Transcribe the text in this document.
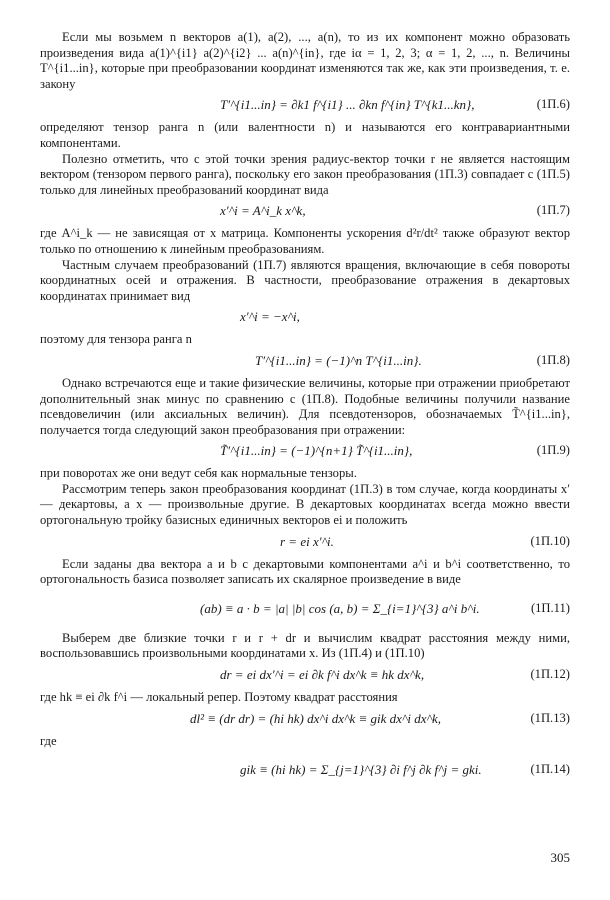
Если мы возьмем n векторов a(1), a(2), ..., a(n), то из их компонент можно образовать произведения вида a(1)^{i1} a(2)^{i2} ... a(n)^{in}, где iα = 1, 2, 3; α = 1, 2, ..., n. Величины T^{i1...in}, которые при преобразовании координат изменяются так же, как эти произведения, т. е. закону

T′^{i1...in} = ∂k1 f^{i1} ... ∂kn f^{in} T^{k1...kn},	(1П.6)

определяют тензор ранга n (или валентности n) и называются его контравариантными компонентами.

Полезно отметить, что с этой точки зрения радиус-вектор точки r не является настоящим вектором (тензором первого ранга), поскольку его закон преобразования (1П.3) совпадает с (1П.5) только для линейных преобразований координат вида

x′^i = A^i_k x^k,	(1П.7)

где A^i_k — не зависящая от x матрица. Компоненты ускорения d²r/dt² также образуют вектор только по отношению к линейным преобразованиям.

Частным случаем преобразований (1П.7) являются вращения, включающие в себя повороты координатных осей и отражения. В частности, преобразование отражения в декартовых координатах принимает вид

x′^i = −x^i,

поэтому для тензора ранга n

T′^{i1...in} = (−1)^n T^{i1...in}.	(1П.8)

Однако встречаются еще и такие физические величины, которые при отражении приобретают дополнительный знак минус по сравнению с (1П.8). Подобные величины получили название псевдовеличин (или аксиальных величин). Для псевдотензоров, обозначаемых T̃^{i1...in}, получается тогда следующий закон преобразования при отражении:

T̃′^{i1...in} = (−1)^{n+1} T̃^{i1...in},	(1П.9)

при поворотах же они ведут себя как нормальные тензоры.

Рассмотрим теперь закон преобразования координат (1П.3) в том случае, когда координаты x′ — декартовы, а x — произвольные другие. В декартовых координатах всегда можно ввести ортогональную тройку базисных единичных векторов ei и положить

r = ei x′^i.	(1П.10)

Если заданы два вектора a и b с декартовыми компонентами a^i и b^i соответственно, то ортогональность базиса позволяет записать их скалярное произведение в виде

(ab) ≡ a · b = |a| |b| cos (a, b) = Σ_{i=1}^{3} a^i b^i.	(1П.11)

Выберем две близкие точки r и r + dr и вычислим квадрат расстояния между ними, воспользовавшись произвольными координатами x. Из (1П.4) и (1П.10)

dr = ei dx′^i = ei ∂k f^i dx^k ≡ hk dx^k,	(1П.12)

где hk ≡ ei ∂k f^i — локальный репер. Поэтому квадрат расстояния

dl² ≡ (dr dr) = (hi hk) dx^i dx^k ≡ gik dx^i dx^k,	(1П.13)

где

gik ≡ (hi hk) = Σ_{j=1}^{3} ∂i f^j ∂k f^j = gki.	(1П.14)
305
